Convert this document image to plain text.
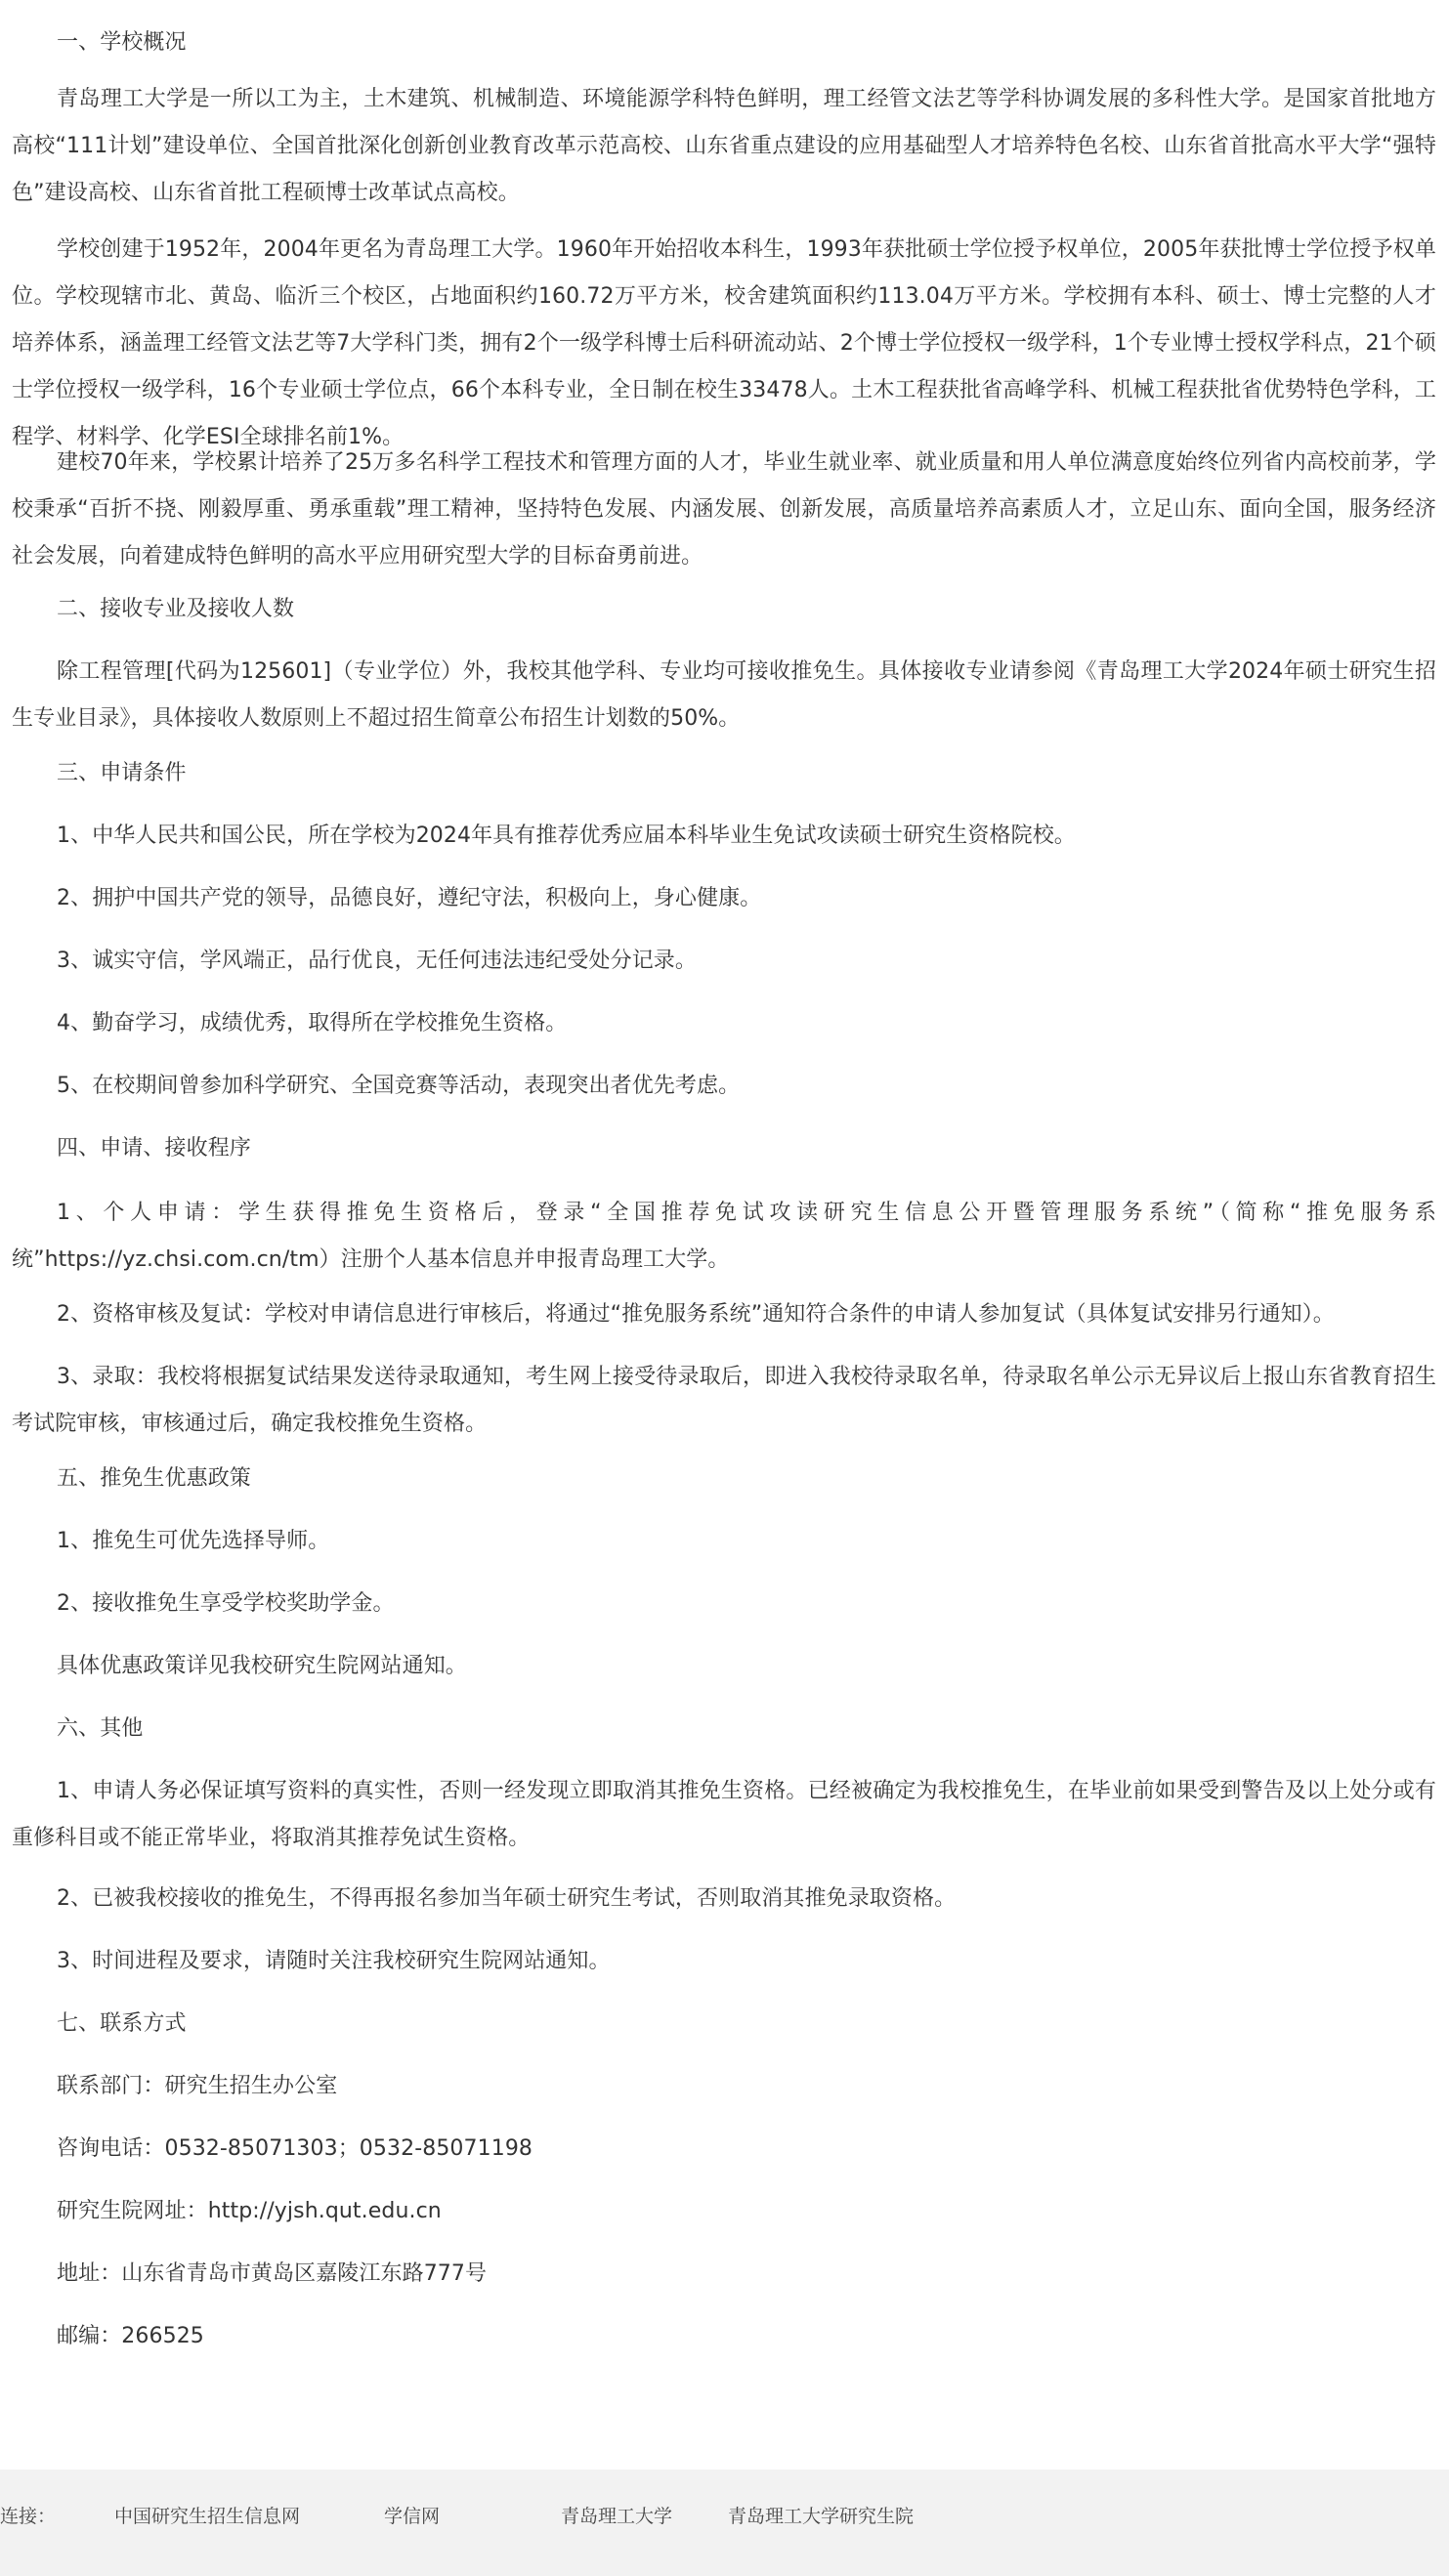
一、学校概况

青岛理工大学是一所以工为主，土木建筑、机械制造、环境能源学科特色鲜明，理工经管文法艺等学科协调发展的多科性大学。是国家首批地方高校“111计划”建设单位、全国首批深化创新创业教育改革示范高校、山东省重点建设的应用基础型人才培养特色名校、山东省首批高水平大学“强特色”建设高校、山东省首批工程硕博士改革试点高校。

学校创建于1952年，2004年更名为青岛理工大学。1960年开始招收本科生，1993年获批硕士学位授予权单位，2005年获批博士学位授予权单位。学校现辖市北、黄岛、临沂三个校区，占地面积约160.72万平方米，校舍建筑面积约113.04万平方米。学校拥有本科、硕士、博士完整的人才培养体系，涵盖理工经管文法艺等7大学科门类，拥有2个一级学科博士后科研流动站、2个博士学位授权一级学科，1个专业博士授权学科点，21个硕士学位授权一级学科，16个专业硕士学位点，66个本科专业，全日制在校生33478人。土木工程获批省高峰学科、机械工程获批省优势特色学科，工程学、材料学、化学ESI全球排名前1%。

建校70年来，学校累计培养了25万多名科学工程技术和管理方面的人才，毕业生就业率、就业质量和用人单位满意度始终位列省内高校前茅，学校秉承“百折不挠、刚毅厚重、勇承重载”理工精神，坚持特色发展、内涵发展、创新发展，高质量培养高素质人才，立足山东、面向全国，服务经济社会发展，向着建成特色鲜明的高水平应用研究型大学的目标奋勇前进。

二、接收专业及接收人数

除工程管理[代码为125601]（专业学位）外，我校其他学科、专业均可接收推免生。具体接收专业请参阅《青岛理工大学2024年硕士研究生招生专业目录》，具体接收人数原则上不超过招生简章公布招生计划数的50%。

三、申请条件

1、中华人民共和国公民，所在学校为2024年具有推荐优秀应届本科毕业生免试攻读硕士研究生资格院校。

2、拥护中国共产党的领导，品德良好，遵纪守法，积极向上，身心健康。

3、诚实守信，学风端正，品行优良，无任何违法违纪受处分记录。

4、勤奋学习，成绩优秀，取得所在学校推免生资格。

5、在校期间曾参加科学研究、全国竞赛等活动，表现突出者优先考虑。

四、申请、接收程序

1、个人申请：学生获得推免生资格后，登录“全国推荐免试攻读研究生信息公开暨管理服务系统”（简称“推免服务系统”https://yz.chsi.com.cn/tm）注册个人基本信息并申报青岛理工大学。

2、资格审核及复试：学校对申请信息进行审核后，将通过“推免服务系统”通知符合条件的申请人参加复试（具体复试安排另行通知）。

3、录取：我校将根据复试结果发送待录取通知，考生网上接受待录取后，即进入我校待录取名单，待录取名单公示无异议后上报山东省教育招生考试院审核，审核通过后，确定我校推免生资格。

五、推免生优惠政策

1、推免生可优先选择导师。

2、接收推免生享受学校奖助学金。

具体优惠政策详见我校研究生院网站通知。

六、其他

1、申请人务必保证填写资料的真实性，否则一经发现立即取消其推免生资格。已经被确定为我校推免生，在毕业前如果受到警告及以上处分或有重修科目或不能正常毕业，将取消其推荐免试生资格。

2、已被我校接收的推免生，不得再报名参加当年硕士研究生考试，否则取消其推免录取资格。

3、时间进程及要求，请随时关注我校研究生院网站通知。

七、联系方式

联系部门：研究生招生办公室

咨询电话：0532-85071303；0532-85071198

研究生院网址：http://yjsh.qut.edu.cn

地址：山东省青岛市黄岛区嘉陵江东路777号

邮编：266525

连接：	中国研究生招生信息网	学信网	青岛理工大学	青岛理工大学研究生院
